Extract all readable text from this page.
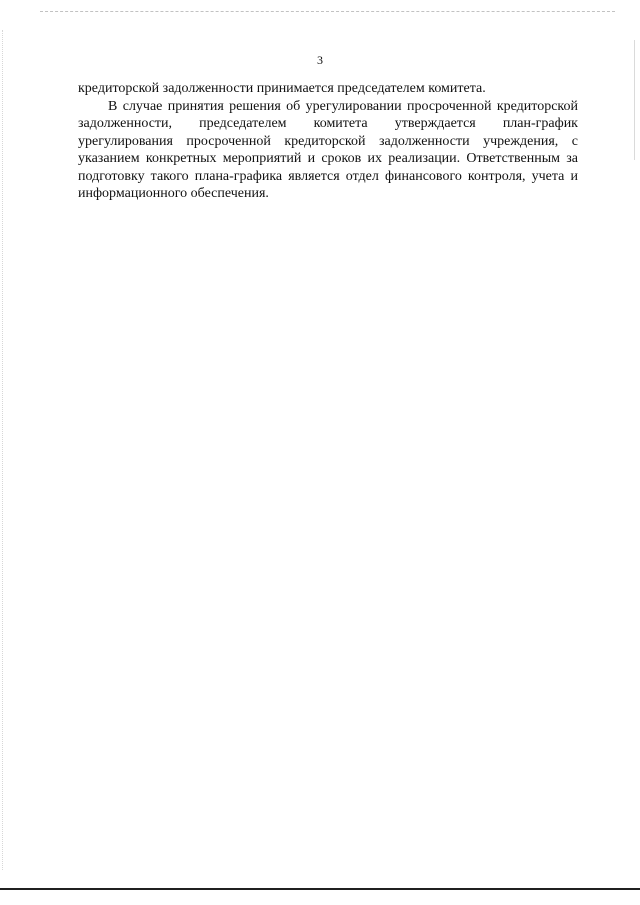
3

кредиторской задолженности принимается председателем комитета.

В случае принятия решения об урегулировании просроченной кредиторской задолженности, председателем комитета утверждается план-график урегулирования просроченной кредиторской задолженности учреждения, с указанием конкретных мероприятий и сроков их реализации. Ответственным за подготовку такого плана-графика является отдел финансового контроля, учета и информационного обеспечения.
